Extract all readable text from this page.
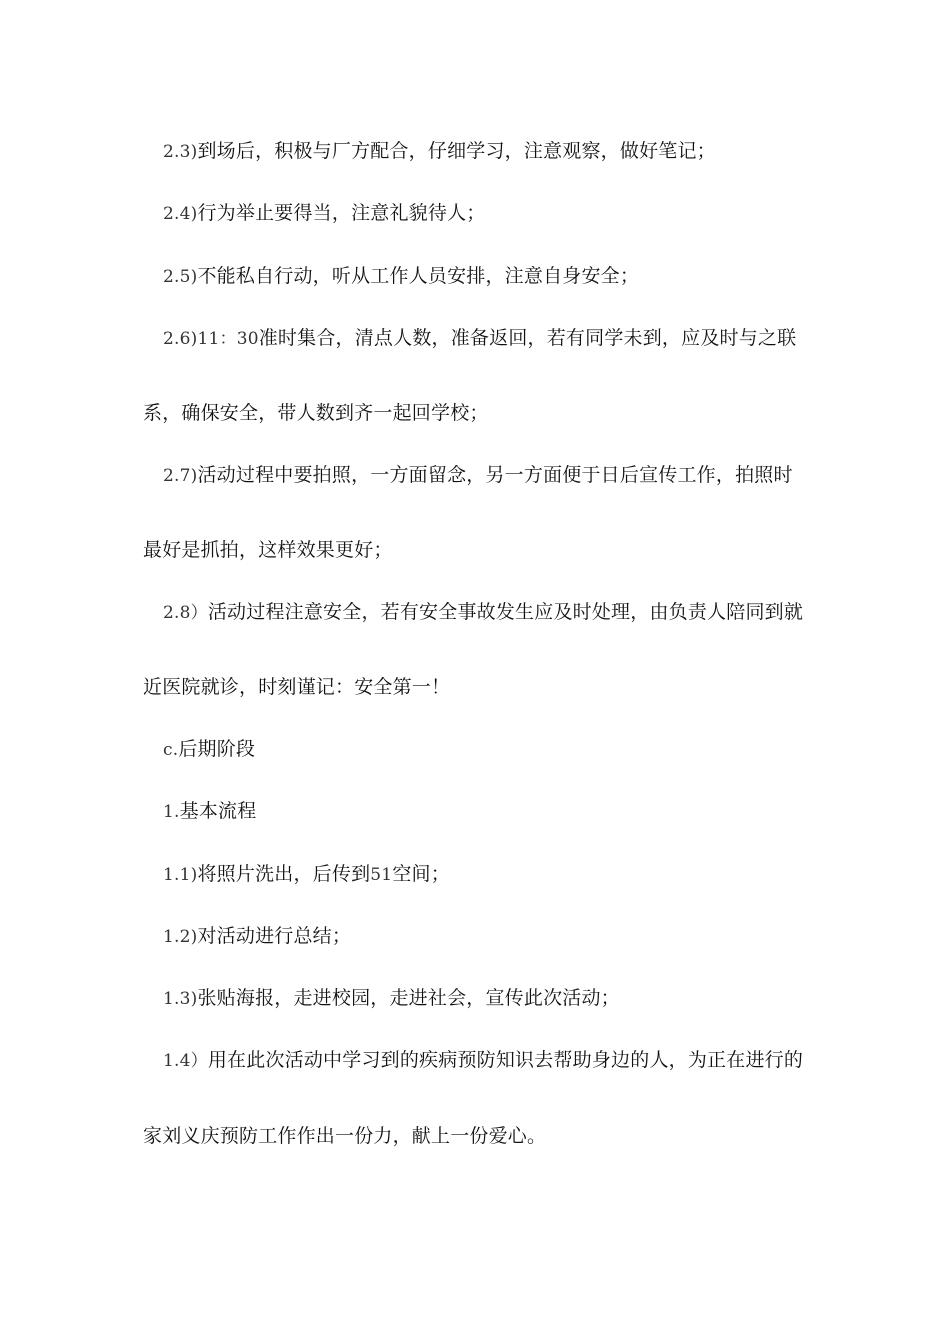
2.3)到场后，积极与厂方配合，仔细学习，注意观察，做好笔记；
2.4)行为举止要得当，注意礼貌待人；
2.5)不能私自行动，听从工作人员安排，注意自身安全；
2.6)11：30准时集合，清点人数，准备返回，若有同学未到，应及时与之联
系，确保安全，带人数到齐一起回学校；
2.7)活动过程中要拍照，一方面留念，另一方面便于日后宣传工作，拍照时
最好是抓拍，这样效果更好；
2.8）活动过程注意安全，若有安全事故发生应及时处理，由负责人陪同到就
近医院就诊，时刻谨记：安全第一！
c.后期阶段
1.基本流程
1.1)将照片洗出，后传到51空间；
1.2)对活动进行总结；
1.3)张贴海报，走进校园，走进社会，宣传此次活动；
1.4）用在此次活动中学习到的疾病预防知识去帮助身边的人，为正在进行的
家刘义庆预防工作作出一份力，献上一份爱心。
